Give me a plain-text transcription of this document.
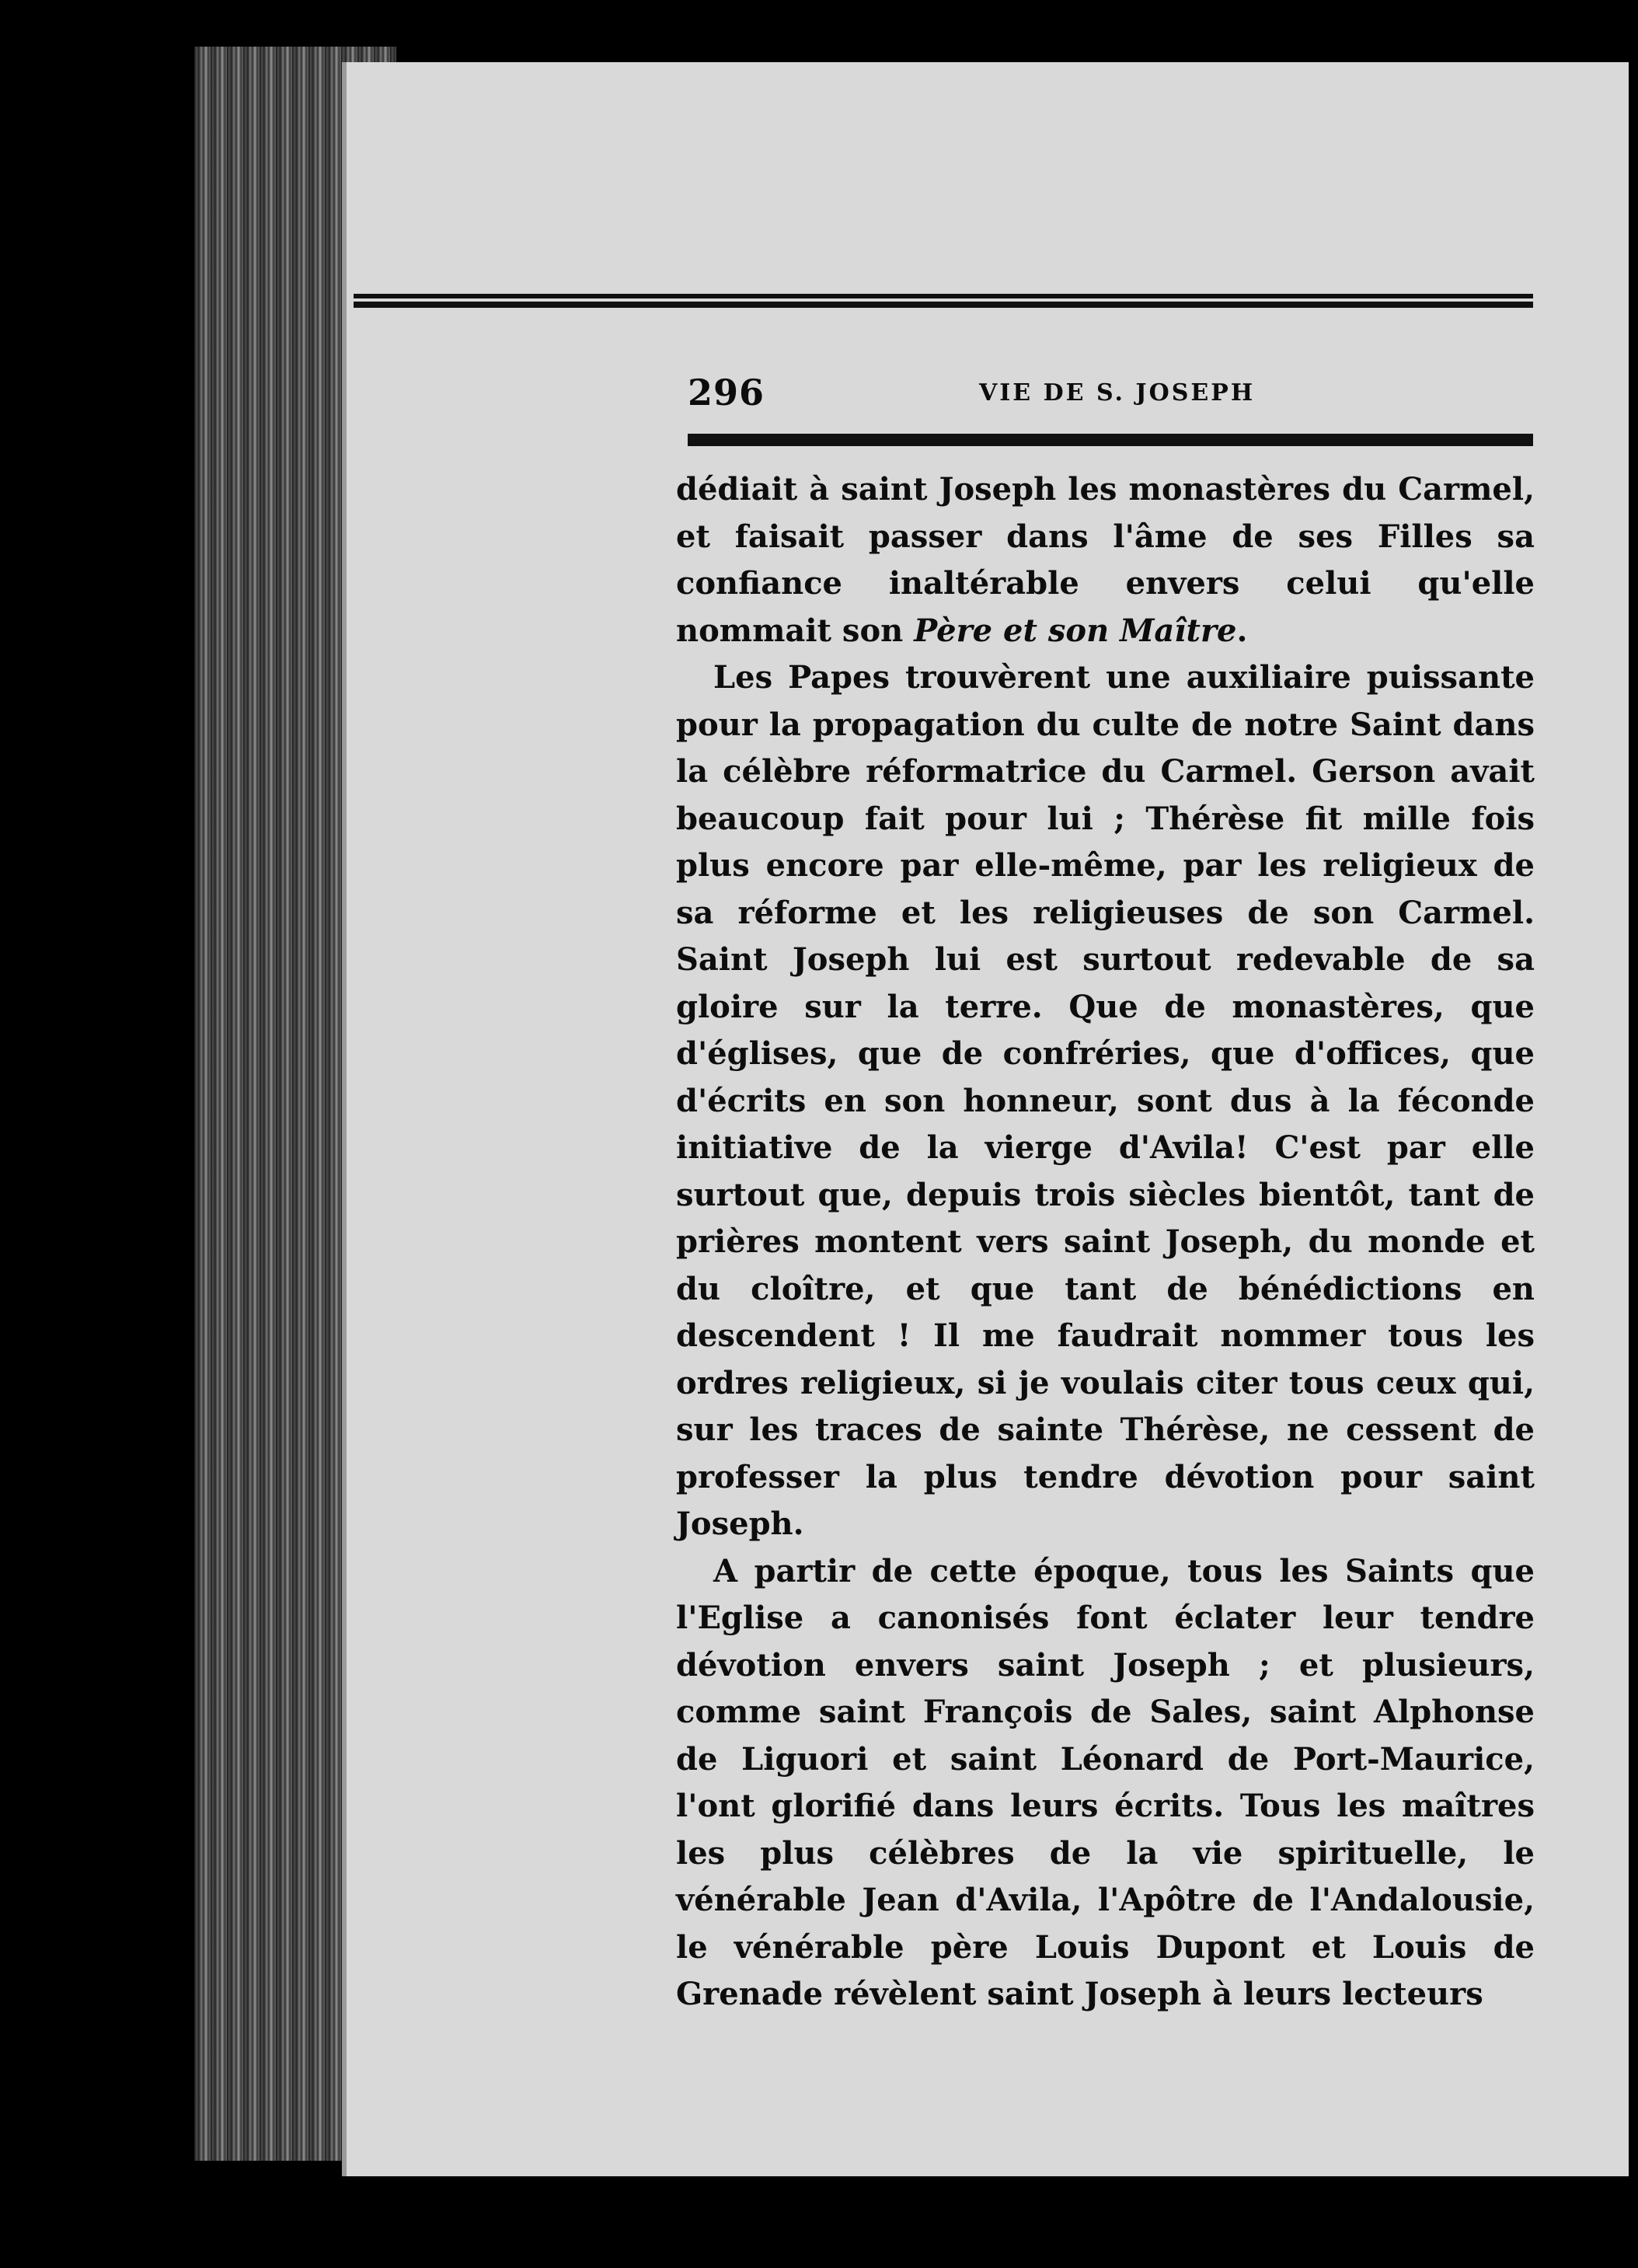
296	VIE DE S. JOSEPH

dédiait à saint Joseph les monastères du Carmel, et faisait passer dans l'âme de ses Filles sa confiance inaltérable envers celui qu'elle nommait son Père et son Maître.

Les Papes trouvèrent une auxiliaire puissante pour la propagation du culte de notre Saint dans la célèbre réformatrice du Carmel. Gerson avait beaucoup fait pour lui ; Thérèse fit mille fois plus encore par elle-même, par les religieux de sa réforme et les religieuses de son Carmel. Saint Joseph lui est surtout redevable de sa gloire sur la terre. Que de monastères, que d'églises, que de confréries, que d'offices, que d'écrits en son honneur, sont dus à la féconde initiative de la vierge d'Avila! C'est par elle surtout que, depuis trois siècles bientôt, tant de prières montent vers saint Joseph, du monde et du cloître, et que tant de bénédictions en descendent ! Il me faudrait nommer tous les ordres religieux, si je voulais citer tous ceux qui, sur les traces de sainte Thérèse, ne cessent de professer la plus tendre dévotion pour saint Joseph.

A partir de cette époque, tous les Saints que l'Eglise a canonisés font éclater leur tendre dévotion envers saint Joseph ; et plusieurs, comme saint François de Sales, saint Alphonse de Liguori et saint Léonard de Port-Maurice, l'ont glorifié dans leurs écrits. Tous les maîtres les plus célèbres de la vie spirituelle, le vénérable Jean d'Avila, l'Apôtre de l'Andalousie, le vénérable père Louis Dupont et Louis de Grenade révèlent saint Joseph à leurs lecteurs
